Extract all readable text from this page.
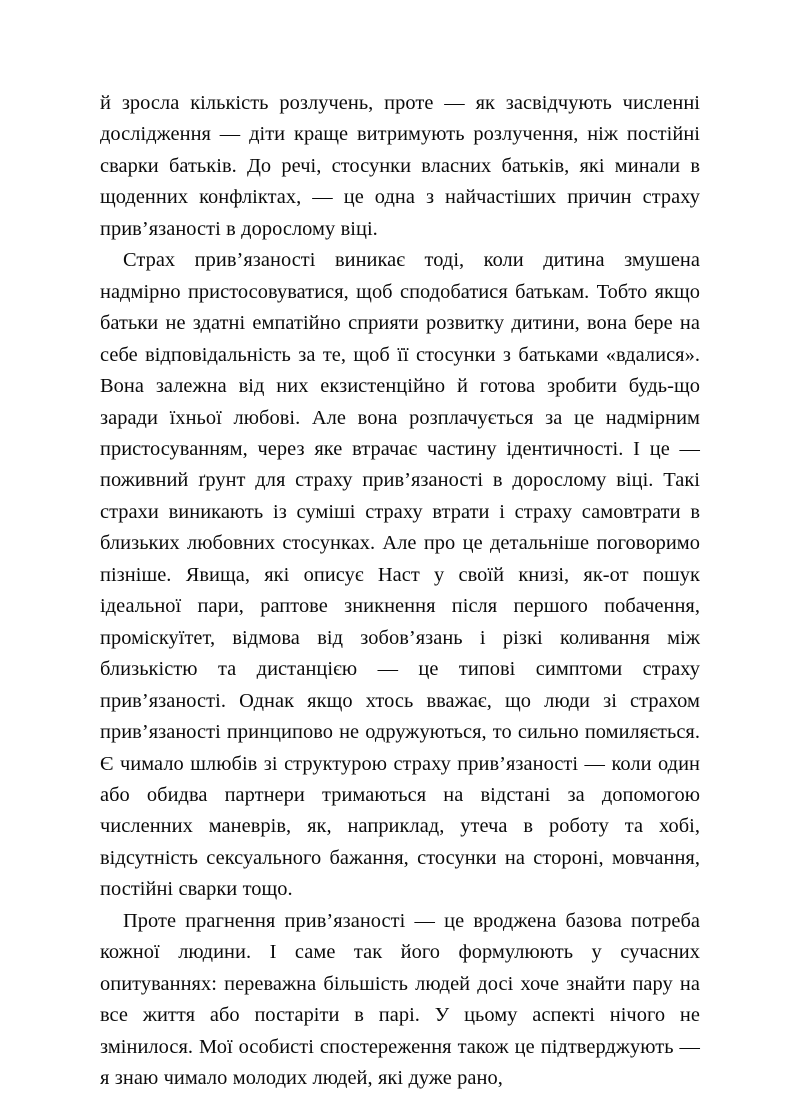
й зросла кількість розлучень, проте — як засвідчують численні дослідження — діти краще витримують розлучення, ніж постійні сварки батьків. До речі, стосунки власних батьків, які минали в щоденних конфліктах, — це одна з найчастіших причин страху прив’язаності в дорослому віці.

Страх прив’язаності виникає тоді, коли дитина змушена надмірно пристосовуватися, щоб сподобатися батькам. Тобто якщо батьки не здатні емпатійно сприяти розвитку дитини, вона бере на себе відповідальність за те, щоб її стосунки з батьками «вдалися». Вона залежна від них екзистенційно й готова зробити будь-що заради їхньої любові. Але вона розплачується за це надмірним пристосуванням, через яке втрачає частину ідентичності. І це — поживний ґрунт для страху прив’язаності в дорослому віці. Такі страхи виникають із суміші страху втрати і страху самовтрати в близьких любовних стосунках. Але про це детальніше поговоримо пізніше. Явища, які описує Наст у своїй книзі, як-от пошук ідеальної пари, раптове зникнення після першого побачення, проміскуїтет, відмова від зобов’язань і різкі коливання між близькістю та дистанцією — це типові симптоми страху прив’язаності. Однак якщо хтось вважає, що люди зі страхом прив’язаності принципово не одружуються, то сильно помиляється. Є чимало шлюбів зі структурою страху прив’язаності — коли один або обидва партнери тримаються на відстані за допомогою численних маневрів, як, наприклад, утеча в роботу та хобі, відсутність сексуального бажання, стосунки на стороні, мовчання, постійні сварки тощо.

Проте прагнення прив’язаності — це вроджена базова потреба кожної людини. І саме так його формулюють у сучасних опитуваннях: переважна більшість людей досі хоче знайти пару на все життя або постаріти в парі. У цьому аспекті нічого не змінилося. Мої особисті спостереження також це підтверджують — я знаю чимало молодих людей, які дуже рано,
